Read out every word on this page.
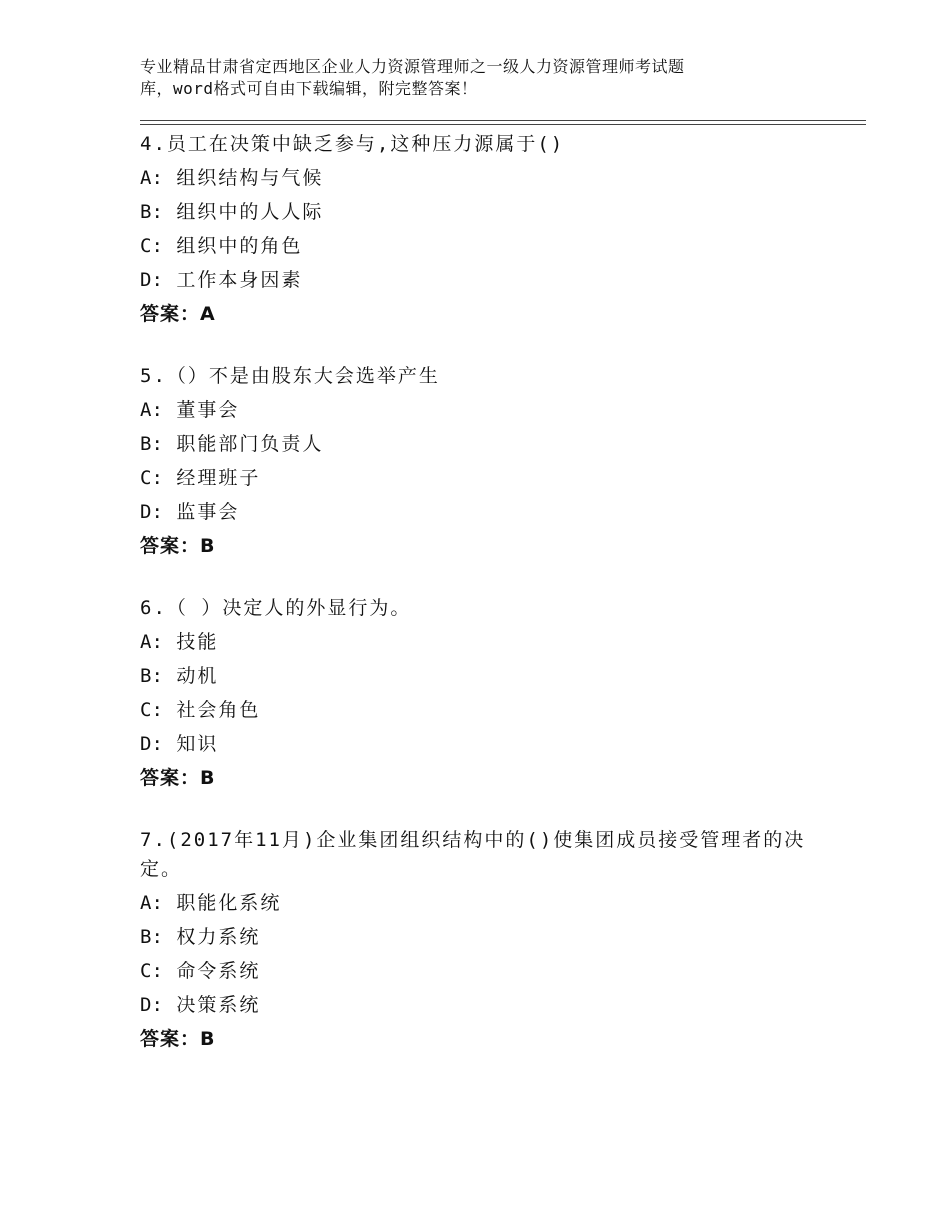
专业精品甘肃省定西地区企业人力资源管理师之一级人力资源管理师考试题
库，word格式可自由下载编辑，附完整答案！
4.员工在决策中缺乏参与,这种压力源属于()
A: 组织结构与气候
B: 组织中的人人际
C: 组织中的角色
D: 工作本身因素
答案：A
5.（）不是由股东大会选举产生
A: 董事会
B: 职能部门负责人
C: 经理班子
D: 监事会
答案：B
6.（ ）决定人的外显行为。
A: 技能
B: 动机
C: 社会角色
D: 知识
答案：B
7.(2017年11月)企业集团组织结构中的()使集团成员接受管理者的决定。
A: 职能化系统
B: 权力系统
C: 命令系统
D: 决策系统
答案：B
